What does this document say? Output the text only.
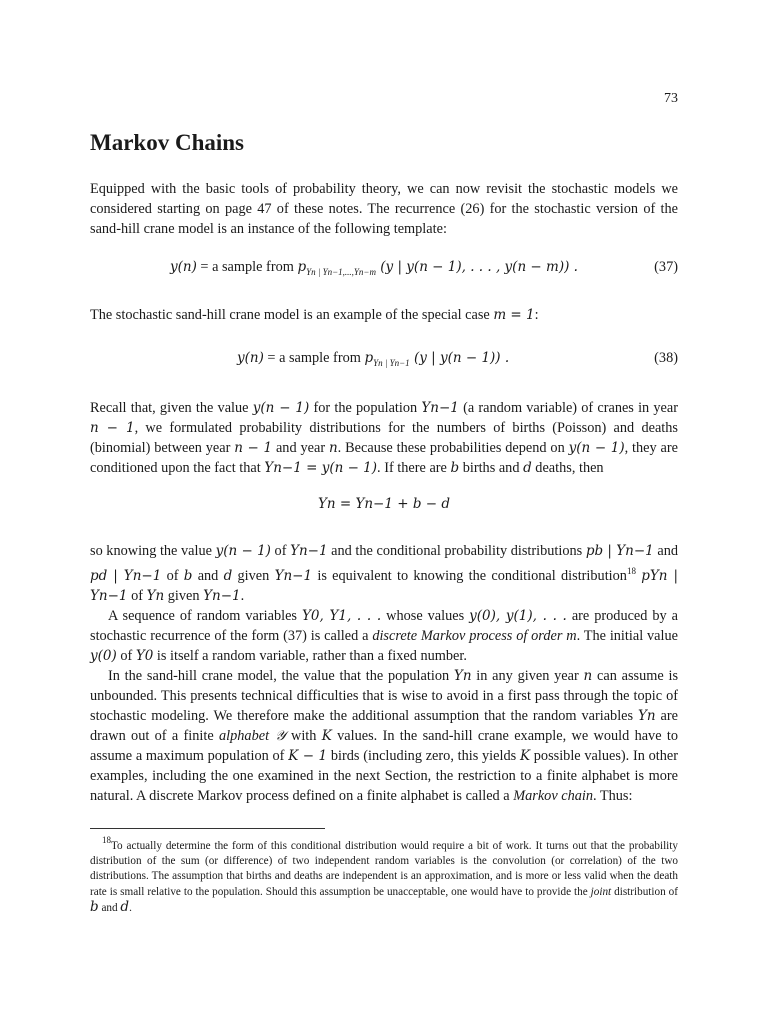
73
Markov Chains

Equipped with the basic tools of probability theory, we can now revisit the stochastic models we considered starting on page 47 of these notes. The recurrence (26) for the stochastic version of the sand-hill crane model is an instance of the following template:

y(n) = a sample from $p_{Yn | Yn-1,...,Yn-m}$ (y | y(n − 1), . . . , y(n − m)) .	(37)

The stochastic sand-hill crane model is an example of the special case m = 1:

y(n) = a sample from $p_{Yn | Yn-1}$ (y | y(n − 1)) .	(38)

Recall that, given the value y(n − 1) for the population Yn−1 (a random variable) of cranes in year n − 1, we formulated probability distributions for the numbers of births (Poisson) and deaths (binomial) between year n − 1 and year n. Because these probabilities depend on y(n − 1), they are conditioned upon the fact that Yn−1 = y(n − 1). If there are b births and d deaths, then

Yn = Yn−1 + b − d

so knowing the value y(n − 1) of Yn−1 and the conditional probability distributions pb | Yn−1 and pd | Yn−1 of b and d given Yn−1 is equivalent to knowing the conditional distribution$^{18}$ pYn | Yn−1 of Yn given Yn−1.

A sequence of random variables Y0, Y1, . . . whose values y(0), y(1), . . . are produced by a stochastic recurrence of the form (37) is called a discrete Markov process of order m. The initial value y(0) of Y0 is itself a random variable, rather than a fixed number.

In the sand-hill crane model, the value that the population Yn in any given year n can assume is unbounded. This presents technical difficulties that is wise to avoid in a first pass through the topic of stochastic modeling. We therefore make the additional assumption that the random variables Yn are drawn out of a finite alphabet 𝒴 with K values. In the sand-hill crane example, we would have to assume a maximum population of K − 1 birds (including zero, this yields K possible values). In other examples, including the one examined in the next Section, the restriction to a finite alphabet is more natural. A discrete Markov process defined on a finite alphabet is called a Markov chain. Thus:

$^{18}$To actually determine the form of this conditional distribution would require a bit of work. It turns out that the probability distribution of the sum (or difference) of two independent random variables is the convolution (or correlation) of the two distributions. The assumption that births and deaths are independent is an approximation, and is more or less valid when the death rate is small relative to the population. Should this assumption be unacceptable, one would have to provide the joint distribution of b and d.
